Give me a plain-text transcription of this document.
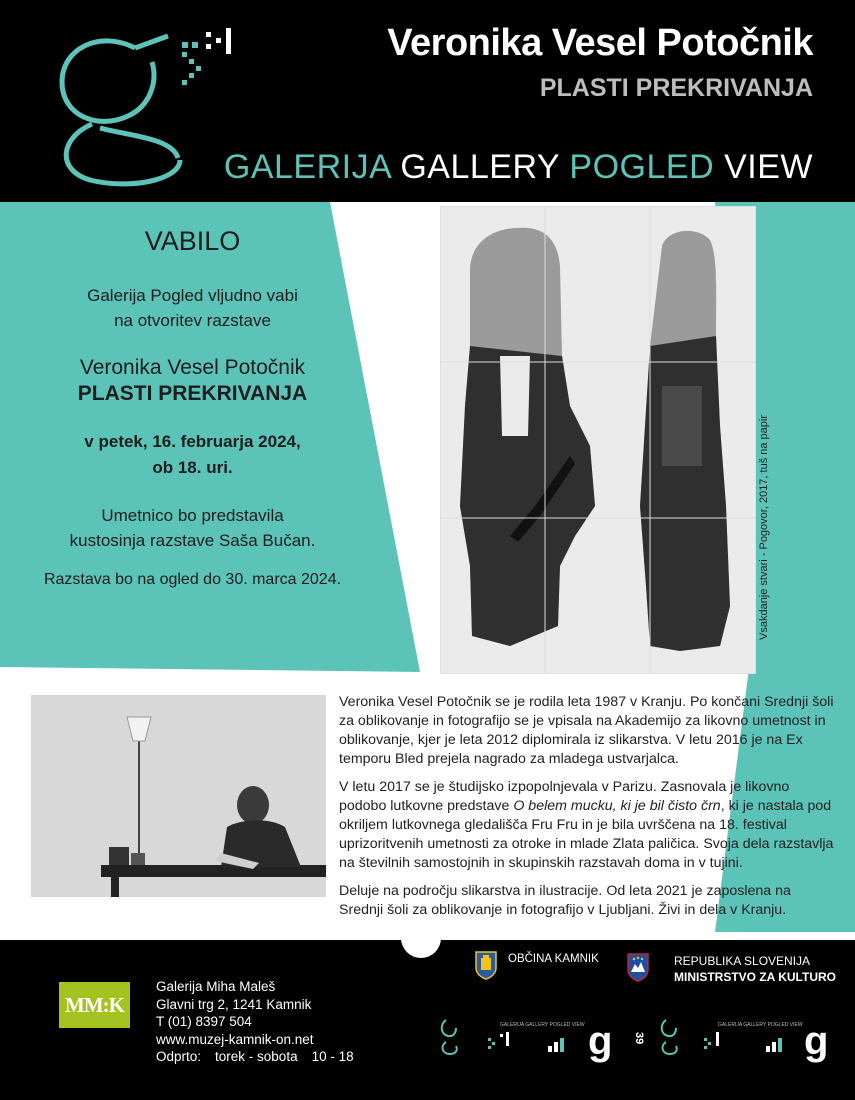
Veronika Vesel Potočnik
PLASTI PREKRIVANJA
GALERIJA GALLERY POGLED VIEW
VABILO
Galerija Pogled vljudno vabi
na otvoritev razstave
Veronika Vesel Potočnik
PLASTI PREKRIVANJA
v petek, 16. februarja 2024,
ob 18. uri.
Umetnico bo predstavila
kustosinja razstave Saša Bučan.
Razstava bo na ogled do 30. marca 2024.	Vsakdanje stvari - Pogovor, 2017, tuš na papir

Veronika Vesel Potočnik se je rodila leta 1987 v Kranju. Po končani Srednji šoli za oblikovanje in fotografijo se je vpisala na Akademijo za likovno umetnost in oblikovanje, kjer je leta 2012 diplomirala iz slikarstva. V letu 2016 je na Ex temporu Bled prejela nagrado za mladega ustvarjalca.

V letu 2017 se je študijsko izpopolnjevala v Parizu. Zasnovala je likovno podobo lutkovne predstave O belem mucku, ki je bil čisto črn, ki je nastala pod okriljem lutkovnega gledališča Fru Fru in je bila uvrščena na 18. festival uprizoritvenih umetnosti za otroke in mlade Zlata paličica. Svoja dela razstavlja na številnih samostojnih in skupinskih razstavah doma in v tujini.

Deluje na področju slikarstva in ilustracije. Od leta 2021 je zaposlena na Srednji šoli za oblikovanje in fotografijo v Ljubljani. Živi in dela v Kranju.

MM:K
Galerija Miha Maleš
Glavni trg 2, 1241 Kamnik
T (01) 8397 504
www.muzej-kamnik-on.net
Odprto: torek - sobota 10 - 18
OBČINA KAMNIK	REPUBLIKA SLOVENIJA
MINISTRSTVO ZA KULTURO
GALERIJA GALLERY POGLED VIEW g 39
GALERIJA GALLERY POGLED VIEW g
